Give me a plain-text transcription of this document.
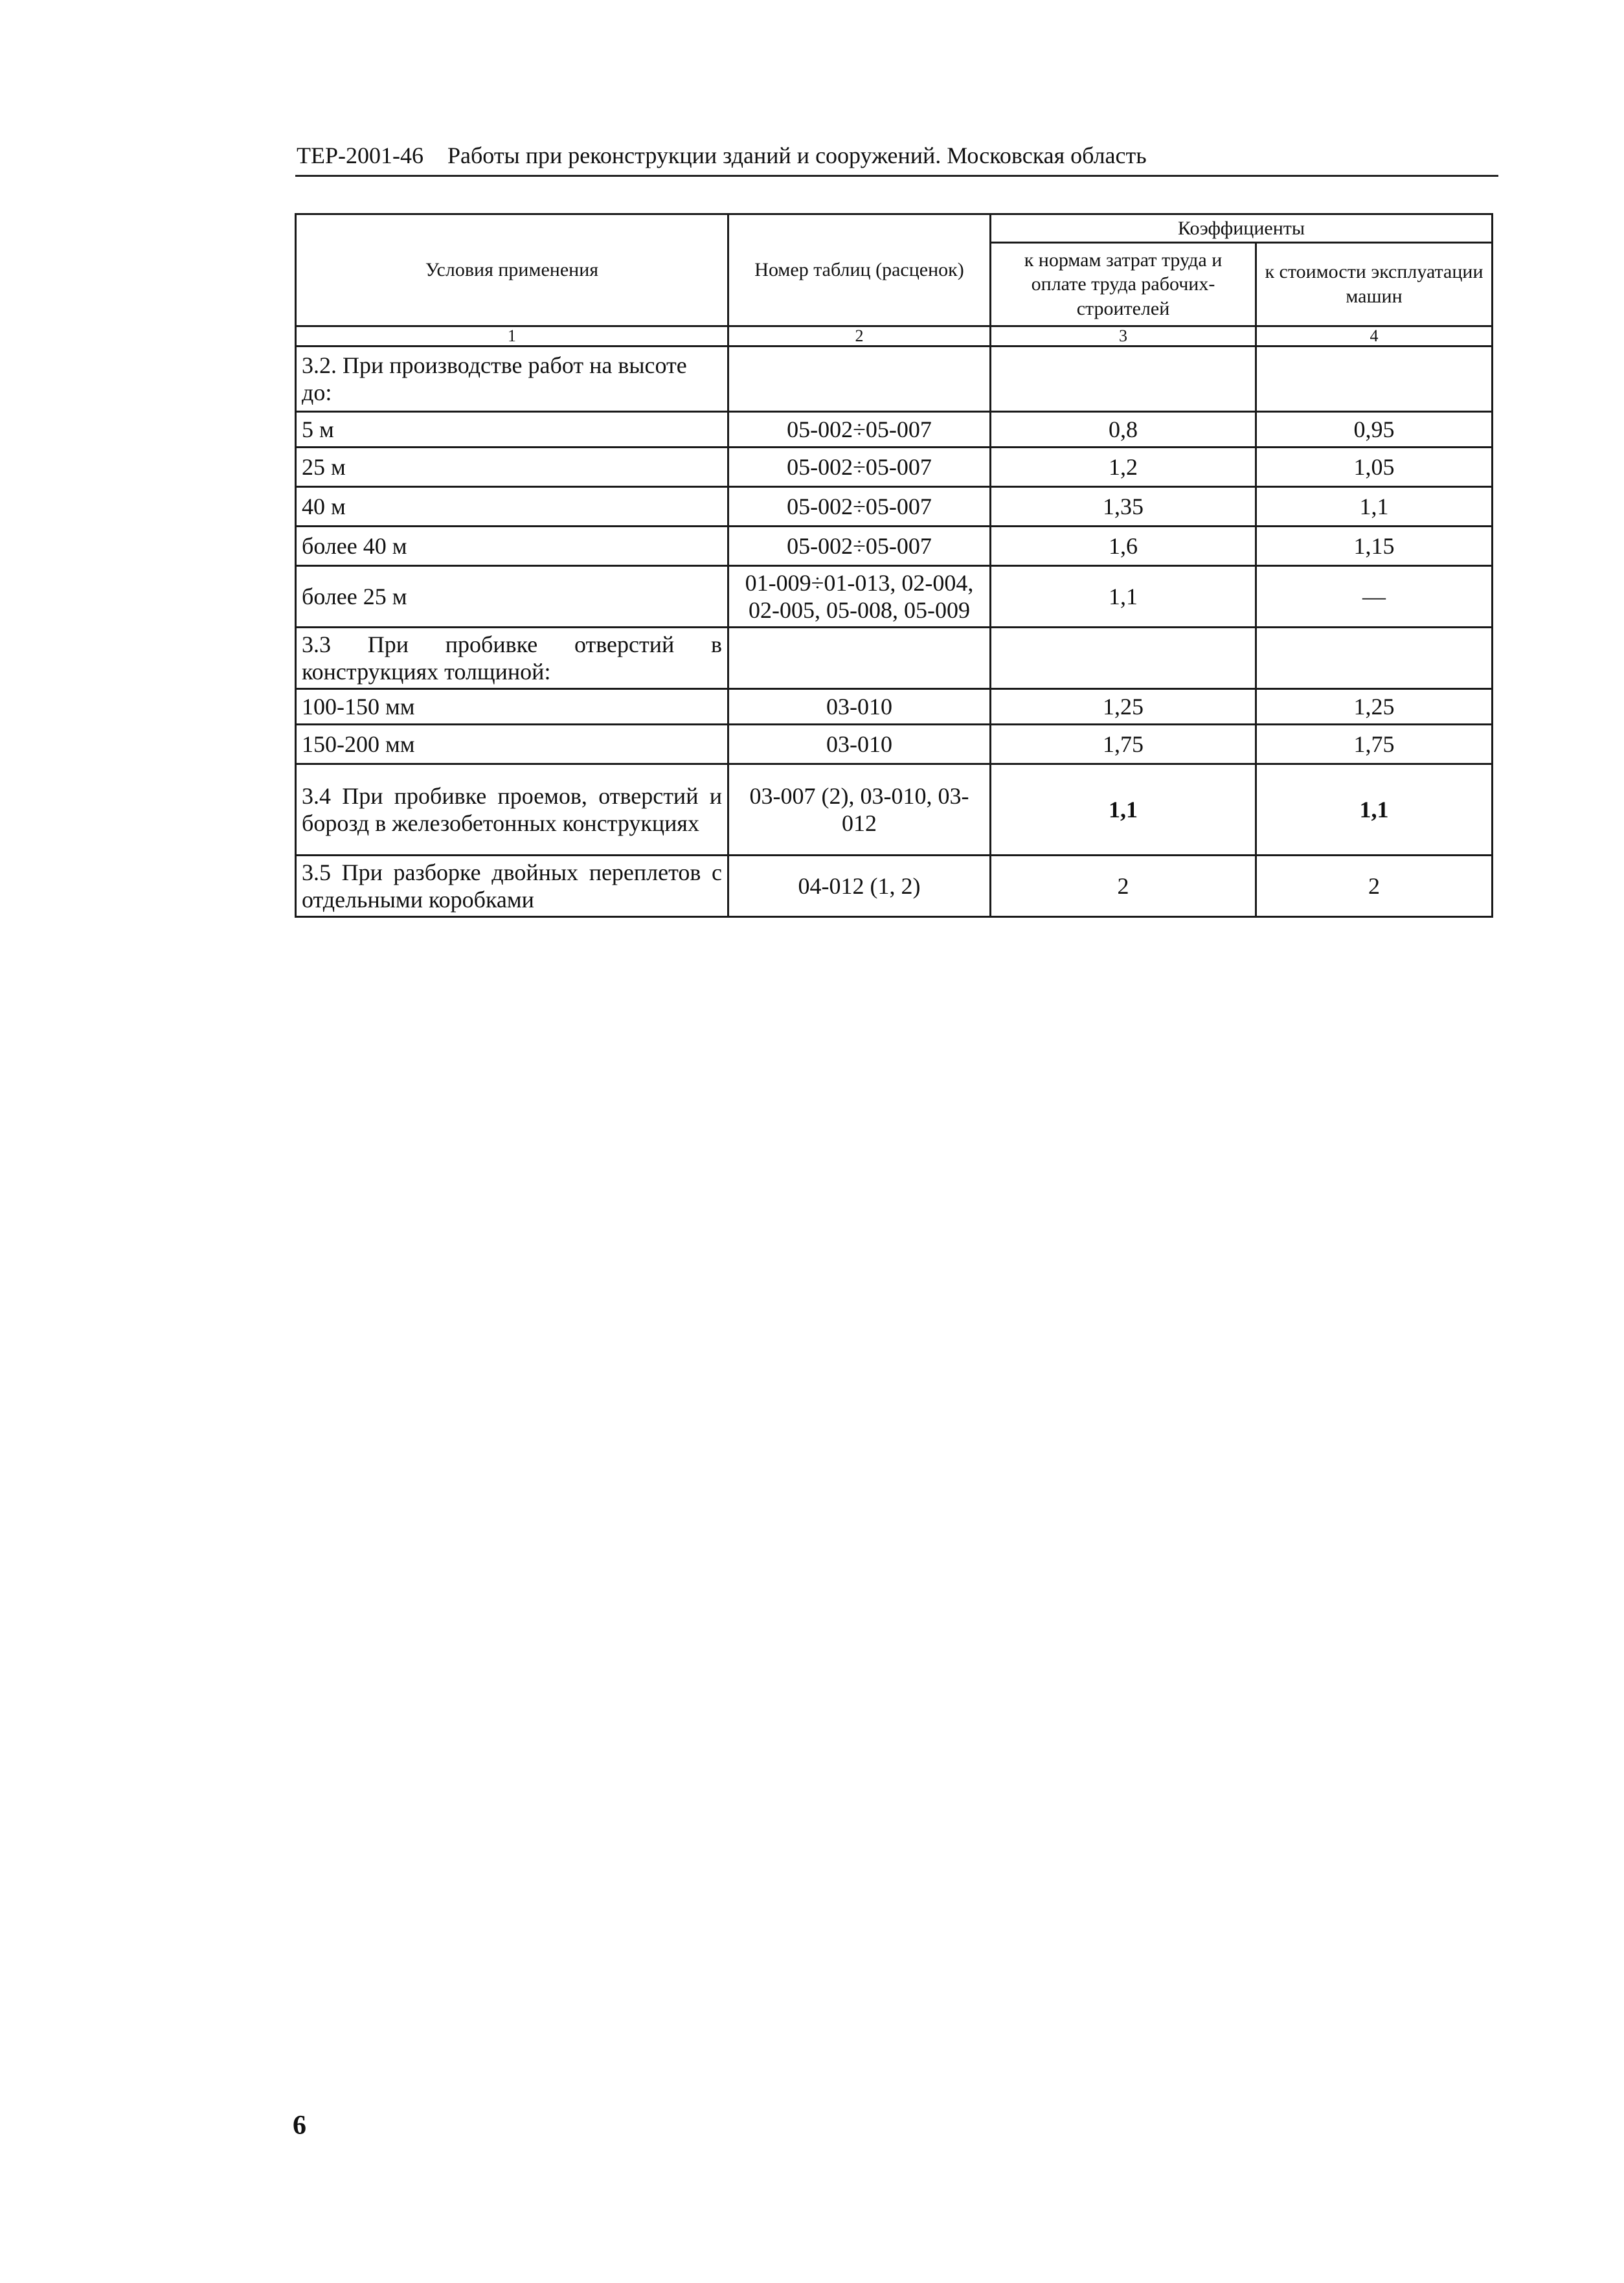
ТЕР-2001-46 Работы при реконструкции зданий и сооружений. Московская область
Условия применения	Номер таблиц (расценок)	Коэффициенты	
		к нормам затрат труда и оплате труда рабочих-строителей	к стоимости эксплуатации машин
1	2	3	4
3.2. При производстве работ на высоте до:			
5 м	05-002÷05-007	0,8	0,95
25 м	05-002÷05-007	1,2	1,05
40 м	05-002÷05-007	1,35	1,1
более 40 м	05-002÷05-007	1,6	1,15
более 25 м	01-009÷01-013, 02-004, 02-005, 05-008, 05-009	1,1	—
3.3 При пробивке отверстий в конструкциях толщиной:			
100-150 мм	03-010	1,25	1,25
150-200 мм	03-010	1,75	1,75
3.4 При пробивке проемов, отверстий и борозд в железобетонных конструкциях	03-007 (2), 03-010, 03-012	1,1	1,1
3.5 При разборке двойных переплетов с отдельными коробками	04-012 (1, 2)	2	2
6
